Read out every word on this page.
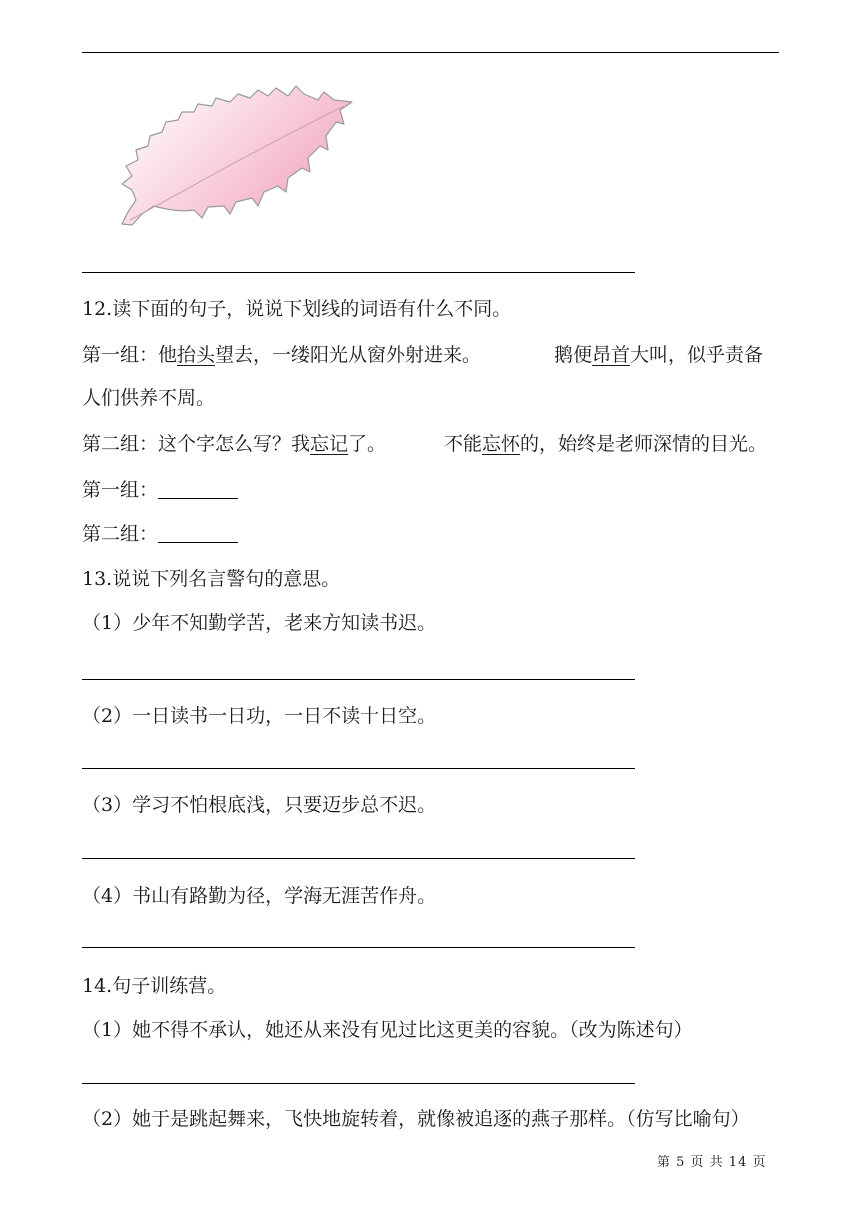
12.读下面的句子，说说下划线的词语有什么不同。
第一组：他抬头望去，一缕阳光从窗外射进来。	鹅便昂首大叫，似乎责备
人们供养不周。
第二组：这个字怎么写？我忘记了。	不能忘怀的，始终是老师深情的目光。
第一组：
第二组：
13.说说下列名言警句的意思。
（1）少年不知勤学苦，老来方知读书迟。
（2）一日读书一日功，一日不读十日空。
（3）学习不怕根底浅，只要迈步总不迟。
（4）书山有路勤为径，学海无涯苦作舟。
14.句子训练营。
（1）她不得不承认，她还从来没有见过比这更美的容貌。（改为陈述句）
（2）她于是跳起舞来，飞快地旋转着，就像被追逐的燕子那样。（仿写比喻句）
第 5 页 共 14 页
